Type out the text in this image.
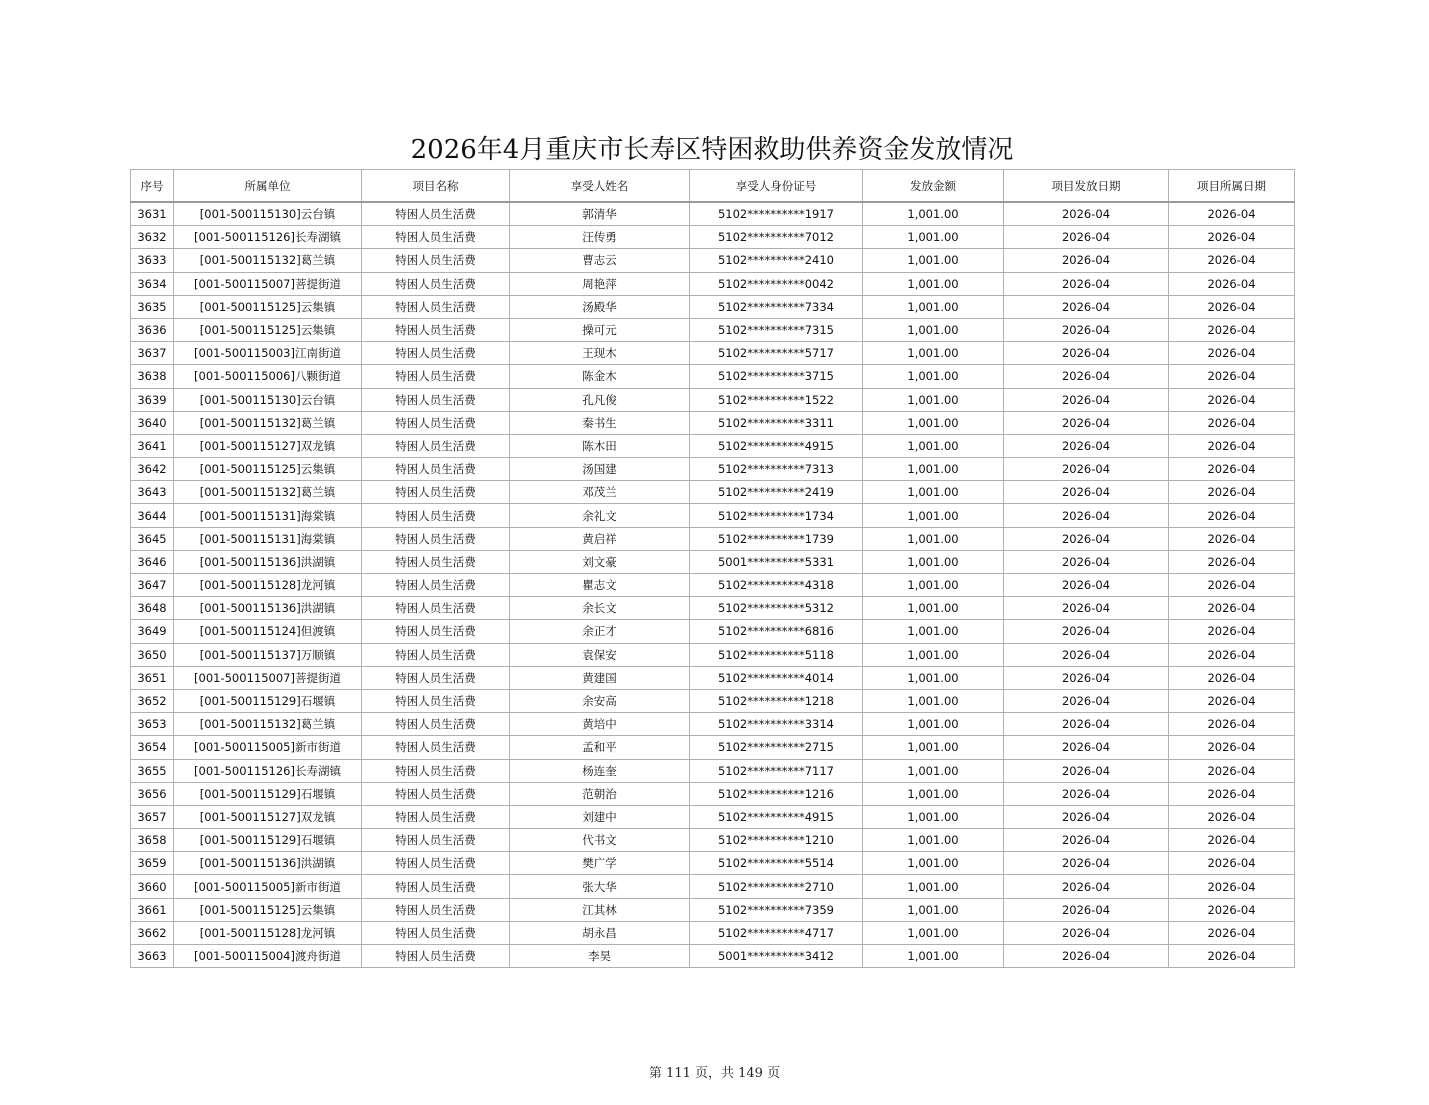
2026年4月重庆市长寿区特困救助供养资金发放情况
序号	所属单位	项目名称	享受人姓名	享受人身份证号	发放金额	项目发放日期	项目所属日期
3631	[001-500115130]云台镇	特困人员生活费	郭清华	5102**********1917	1,001.00	2026-04	2026-04
3632	[001-500115126]长寿湖镇	特困人员生活费	汪传勇	5102**********7012	1,001.00	2026-04	2026-04
3633	[001-500115132]葛兰镇	特困人员生活费	曹志云	5102**********2410	1,001.00	2026-04	2026-04
3634	[001-500115007]菩提街道	特困人员生活费	周艳萍	5102**********0042	1,001.00	2026-04	2026-04
3635	[001-500115125]云集镇	特困人员生活费	汤殿华	5102**********7334	1,001.00	2026-04	2026-04
3636	[001-500115125]云集镇	特困人员生活费	操可元	5102**********7315	1,001.00	2026-04	2026-04
3637	[001-500115003]江南街道	特困人员生活费	王现木	5102**********5717	1,001.00	2026-04	2026-04
3638	[001-500115006]八颗街道	特困人员生活费	陈金木	5102**********3715	1,001.00	2026-04	2026-04
3639	[001-500115130]云台镇	特困人员生活费	孔凡俊	5102**********1522	1,001.00	2026-04	2026-04
3640	[001-500115132]葛兰镇	特困人员生活费	秦书生	5102**********3311	1,001.00	2026-04	2026-04
3641	[001-500115127]双龙镇	特困人员生活费	陈木田	5102**********4915	1,001.00	2026-04	2026-04
3642	[001-500115125]云集镇	特困人员生活费	汤国建	5102**********7313	1,001.00	2026-04	2026-04
3643	[001-500115132]葛兰镇	特困人员生活费	邓茂兰	5102**********2419	1,001.00	2026-04	2026-04
3644	[001-500115131]海棠镇	特困人员生活费	余礼文	5102**********1734	1,001.00	2026-04	2026-04
3645	[001-500115131]海棠镇	特困人员生活费	黄启祥	5102**********1739	1,001.00	2026-04	2026-04
3646	[001-500115136]洪湖镇	特困人员生活费	刘文豪	5001**********5331	1,001.00	2026-04	2026-04
3647	[001-500115128]龙河镇	特困人员生活费	瞿志文	5102**********4318	1,001.00	2026-04	2026-04
3648	[001-500115136]洪湖镇	特困人员生活费	余长文	5102**********5312	1,001.00	2026-04	2026-04
3649	[001-500115124]但渡镇	特困人员生活费	余正才	5102**********6816	1,001.00	2026-04	2026-04
3650	[001-500115137]万顺镇	特困人员生活费	袁保安	5102**********5118	1,001.00	2026-04	2026-04
3651	[001-500115007]菩提街道	特困人员生活费	黄建国	5102**********4014	1,001.00	2026-04	2026-04
3652	[001-500115129]石堰镇	特困人员生活费	余安高	5102**********1218	1,001.00	2026-04	2026-04
3653	[001-500115132]葛兰镇	特困人员生活费	黄培中	5102**********3314	1,001.00	2026-04	2026-04
3654	[001-500115005]新市街道	特困人员生活费	孟和平	5102**********2715	1,001.00	2026-04	2026-04
3655	[001-500115126]长寿湖镇	特困人员生活费	杨连奎	5102**********7117	1,001.00	2026-04	2026-04
3656	[001-500115129]石堰镇	特困人员生活费	范朝治	5102**********1216	1,001.00	2026-04	2026-04
3657	[001-500115127]双龙镇	特困人员生活费	刘建中	5102**********4915	1,001.00	2026-04	2026-04
3658	[001-500115129]石堰镇	特困人员生活费	代书文	5102**********1210	1,001.00	2026-04	2026-04
3659	[001-500115136]洪湖镇	特困人员生活费	樊广学	5102**********5514	1,001.00	2026-04	2026-04
3660	[001-500115005]新市街道	特困人员生活费	张大华	5102**********2710	1,001.00	2026-04	2026-04
3661	[001-500115125]云集镇	特困人员生活费	江其林	5102**********7359	1,001.00	2026-04	2026-04
3662	[001-500115128]龙河镇	特困人员生活费	胡永昌	5102**********4717	1,001.00	2026-04	2026-04
3663	[001-500115004]渡舟街道	特困人员生活费	李昊	5001**********3412	1,001.00	2026-04	2026-04
第 111 页，共 149 页
